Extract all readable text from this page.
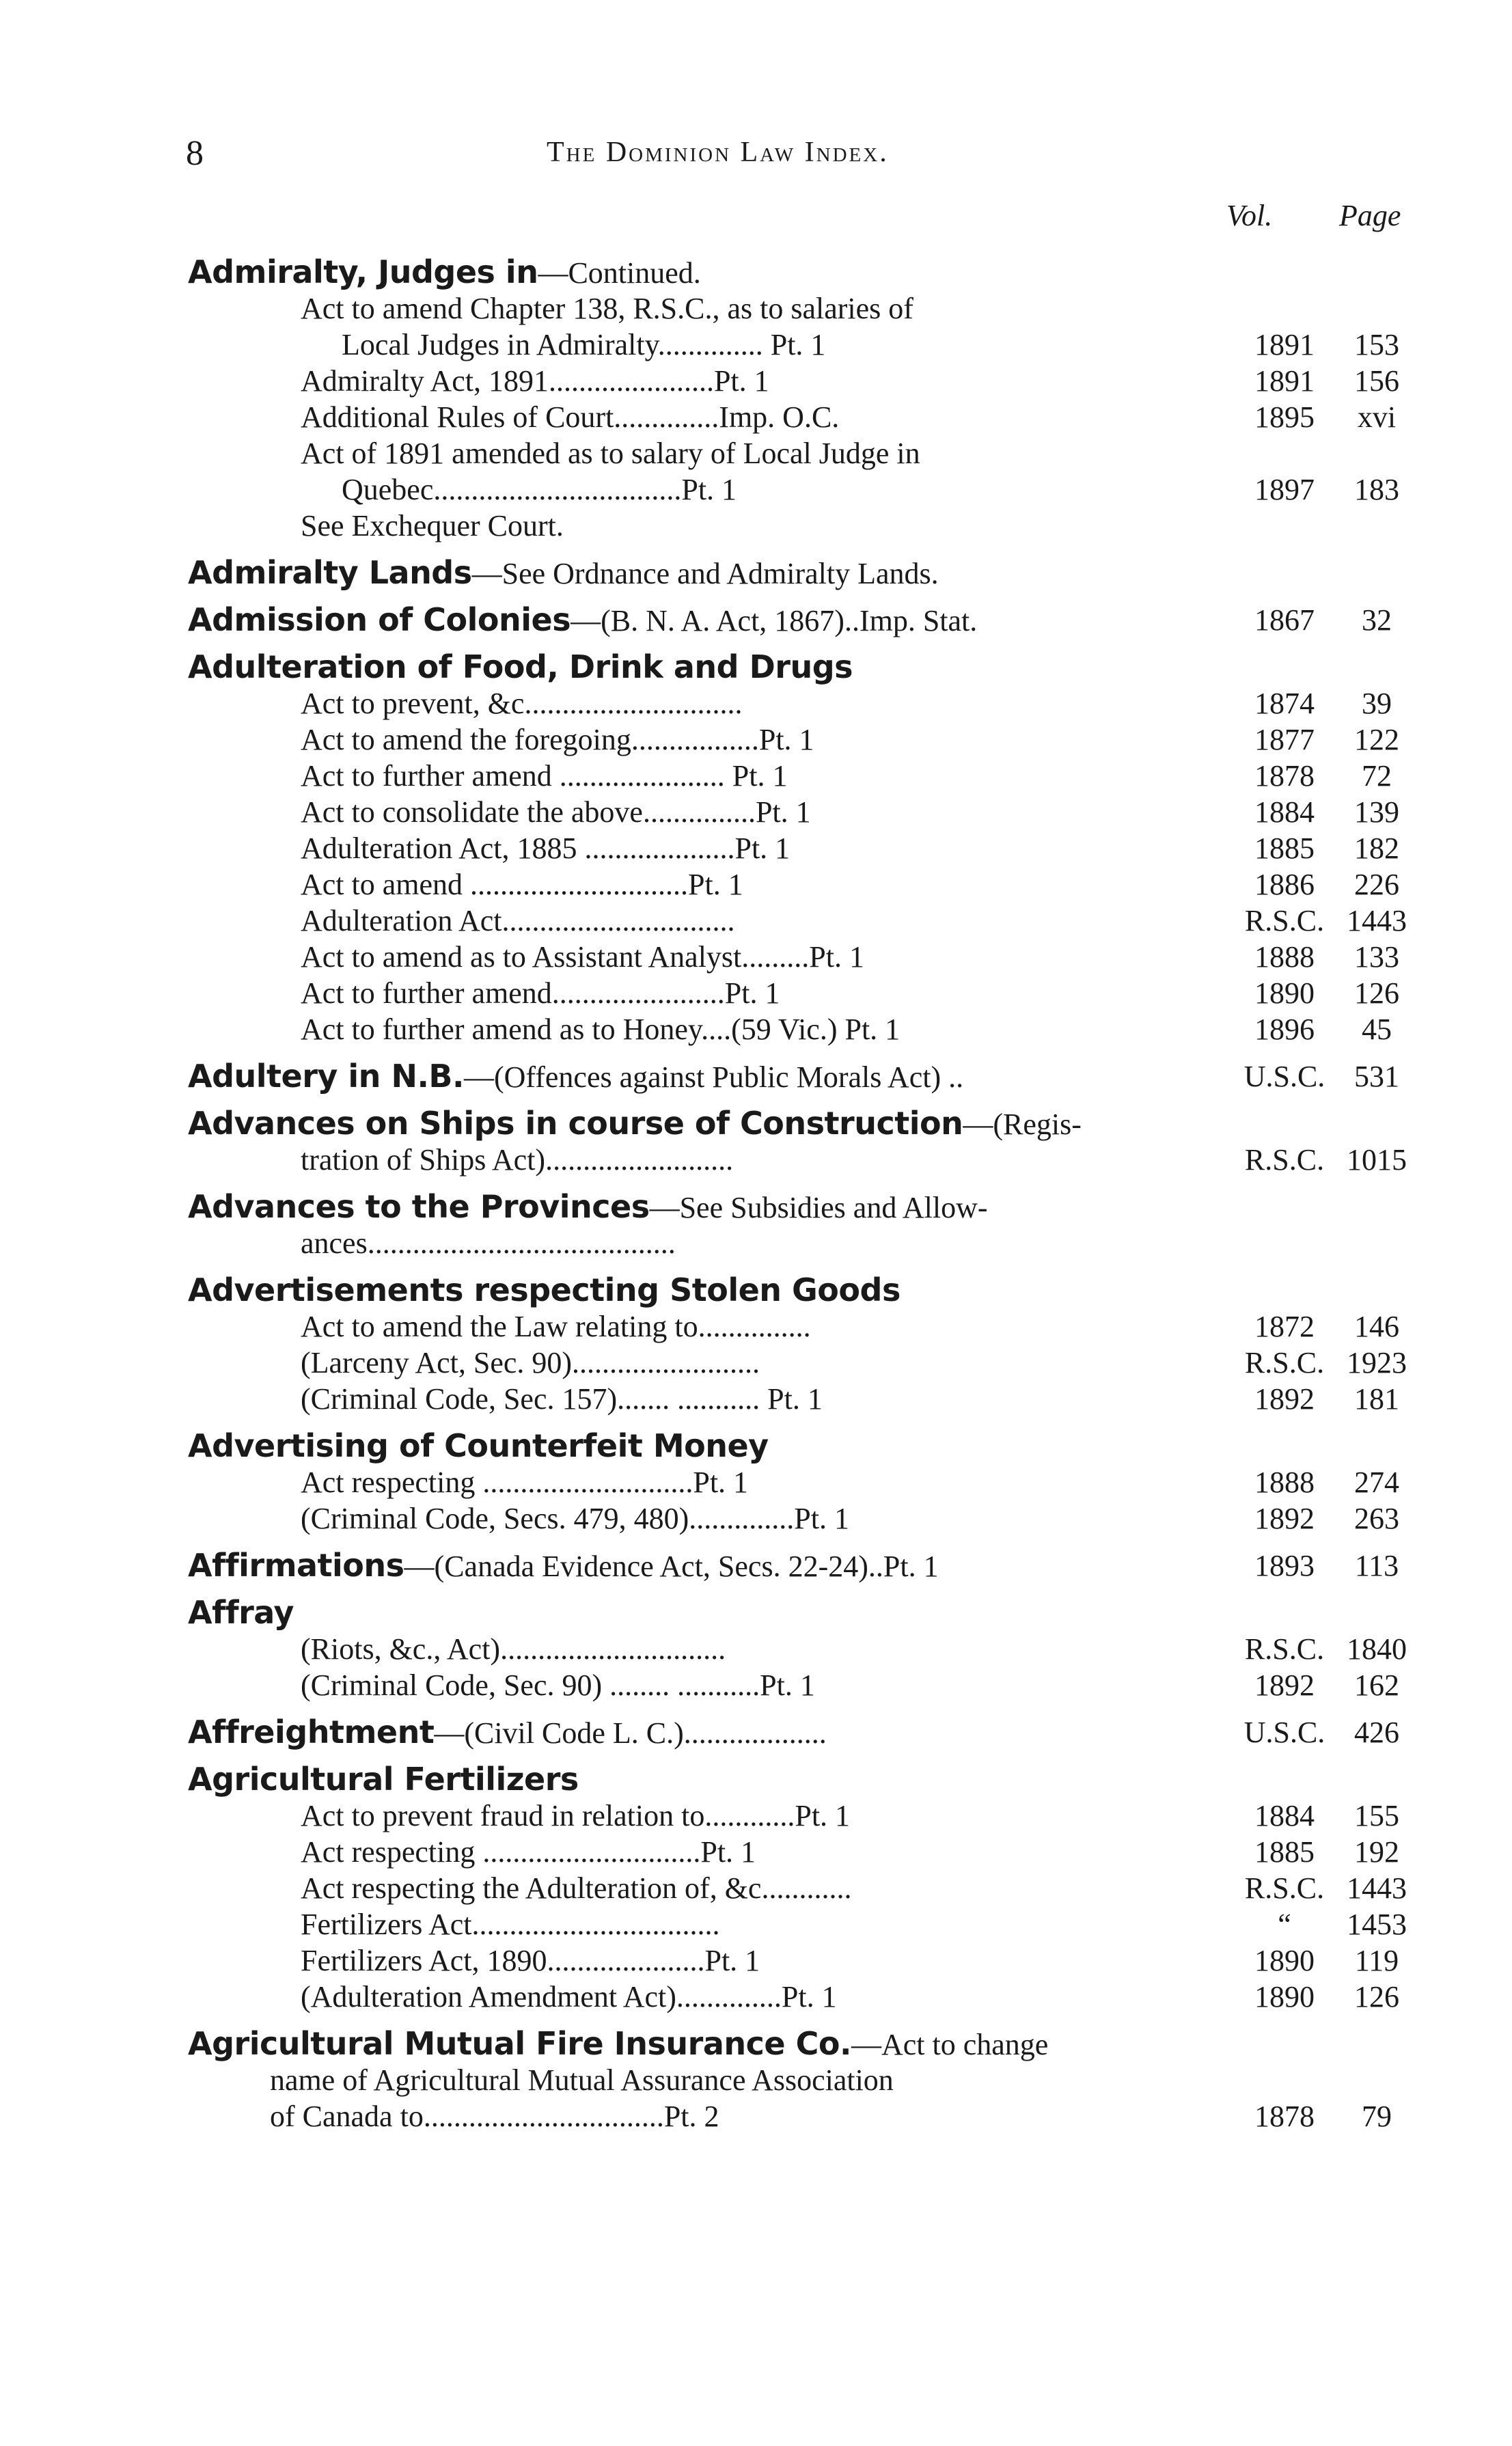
8	The Dominion Law Index.
Vol. Page
Admiralty, Judges in—Continued.
Act to amend Chapter 138, R.S.C., as to salaries of
Local Judges in Admiralty.............. Pt. 1	1891	153
Admiralty Act, 1891......................Pt. 1	1891	156
Additional Rules of Court..............Imp. O.C.	1895	xvi
Act of 1891 amended as to salary of Local Judge in
Quebec.................................Pt. 1	1897	183
See Exchequer Court.
Admiralty Lands—See Ordnance and Admiralty Lands.
Admission of Colonies—(B. N. A. Act, 1867)..Imp. Stat.	1867	32
Adulteration of Food, Drink and Drugs
Act to prevent, &c.............................	1874	39
Act to amend the foregoing.................Pt. 1	1877	122
Act to further amend ...................... Pt. 1	1878	72
Act to consolidate the above...............Pt. 1	1884	139
Adulteration Act, 1885 ....................Pt. 1	1885	182
Act to amend .............................Pt. 1	1886	226
Adulteration Act...............................	R.S.C. 1443
Act to amend as to Assistant Analyst.........Pt. 1	1888	133
Act to further amend.......................Pt. 1	1890	126
Act to further amend as to Honey....(59 Vic.) Pt. 1	1896	45
Adultery in N.B.—(Offences against Public Morals Act) ..	U.S.C. 531
Advances on Ships in course of Construction—(Regis-
tration of Ships Act).........................	R.S.C. 1015
Advances to the Provinces—See Subsidies and Allow-
ances.........................................
Advertisements respecting Stolen Goods
Act to amend the Law relating to...............	1872	146
(Larceny Act, Sec. 90).........................	R.S.C. 1923
(Criminal Code, Sec. 157)....... ........... Pt. 1	1892	181
Advertising of Counterfeit Money
Act respecting ............................Pt. 1	1888	274
(Criminal Code, Secs. 479, 480)..............Pt. 1	1892	263
Affirmations—(Canada Evidence Act, Secs. 22-24)..Pt. 1	1893	113
Affray
(Riots, &c., Act)..............................	R.S.C. 1840
(Criminal Code, Sec. 90) ........ ...........Pt. 1	1892	162
Affreightment—(Civil Code L. C.)...................	U.S.C. 426
Agricultural Fertilizers
Act to prevent fraud in relation to............Pt. 1	1884	155
Act respecting .............................Pt. 1	1885	192
Act respecting the Adulteration of, &c............	R.S.C. 1443
Fertilizers Act.................................	“	1453
Fertilizers Act, 1890.....................Pt. 1	1890	119
(Adulteration Amendment Act)..............Pt. 1	1890	126
Agricultural Mutual Fire Insurance Co.—Act to change
name of Agricultural Mutual Assurance Association
of Canada to................................Pt. 2	1878	79
